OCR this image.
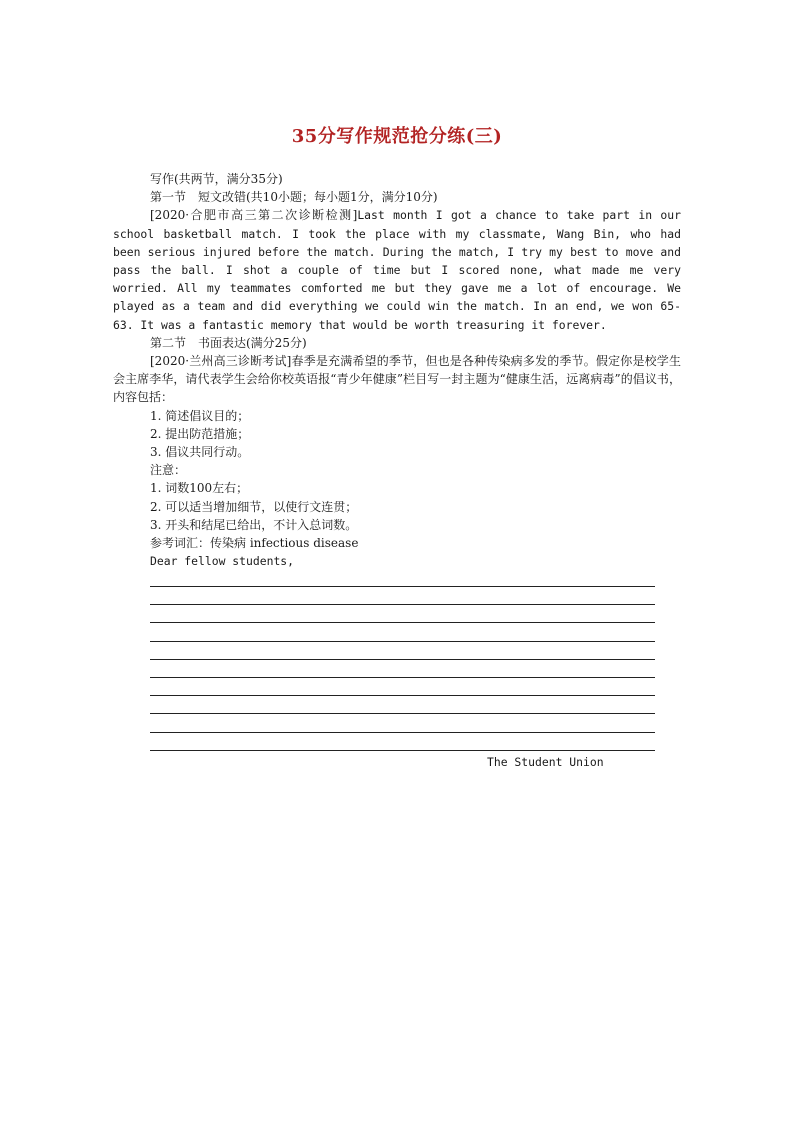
35分写作规范抢分练(三)

写作(共两节，满分35分)

第一节　短文改错(共10小题；每小题1分，满分10分)

[2020·合肥市高三第二次诊断检测]Last month I got a chance to take part in our school basketball match. I took the place with my classmate, Wang Bin, who had been serious injured before the match. During the match, I try my best to move and pass the ball. I shot a couple of time but I scored none, what made me very worried. All my teammates comforted me but they gave me a lot of encourage. We played as a team and did everything we could win the match. In an end, we won 65-63. It was a fantastic memory that would be worth treasuring it forever.

第二节　书面表达(满分25分)

[2020·兰州高三诊断考试]春季是充满希望的季节，但也是各种传染病多发的季节。假定你是校学生会主席李华，请代表学生会给你校英语报“青少年健康”栏目写一封主题为“健康生活，远离病毒”的倡议书，内容包括：

1. 简述倡议目的；

2. 提出防范措施；

3. 倡议共同行动。

注意：

1. 词数100左右；

2. 可以适当增加细节，以使行文连贯；

3. 开头和结尾已给出，不计入总词数。

参考词汇：传染病 infectious disease

Dear fellow students,

The Student Union
